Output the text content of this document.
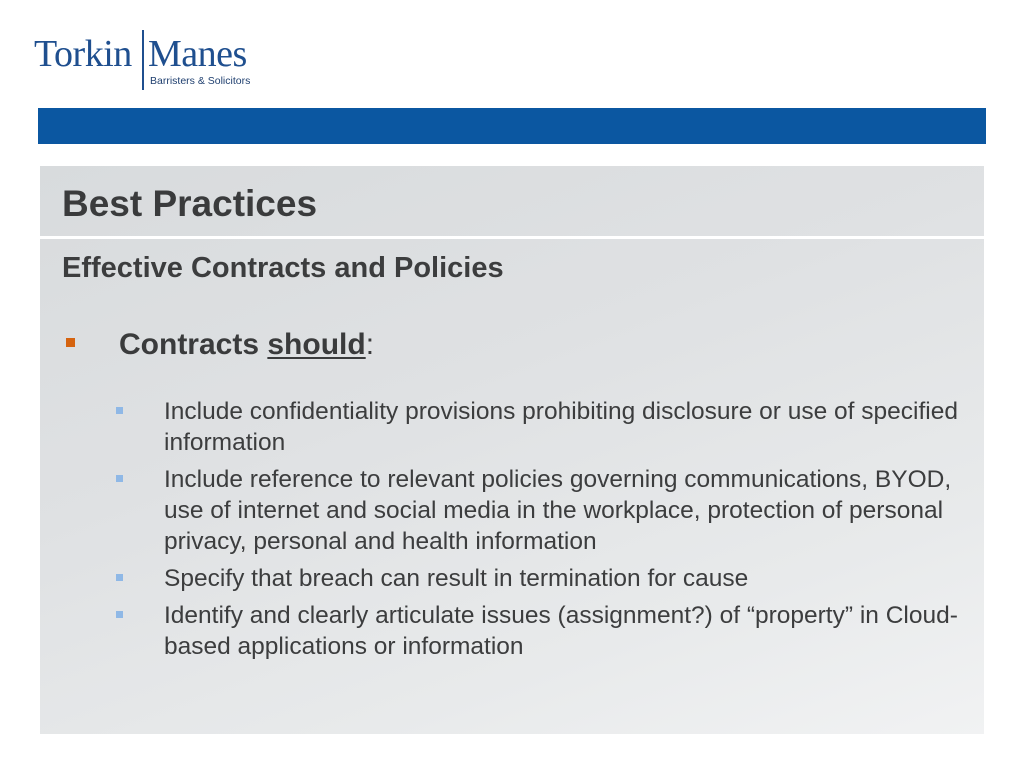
Torkin Manes
Barristers & Solicitors
Best Practices
Effective Contracts and Policies
Contracts should:
Include confidentiality provisions prohibiting disclosure or use of specified information
Include reference to relevant policies governing communications, BYOD, use of internet and social media in the workplace, protection of personal privacy, personal and health information
Specify that breach can result in termination for cause
Identify and clearly articulate issues (assignment?) of “property” in Cloud-based applications or information
